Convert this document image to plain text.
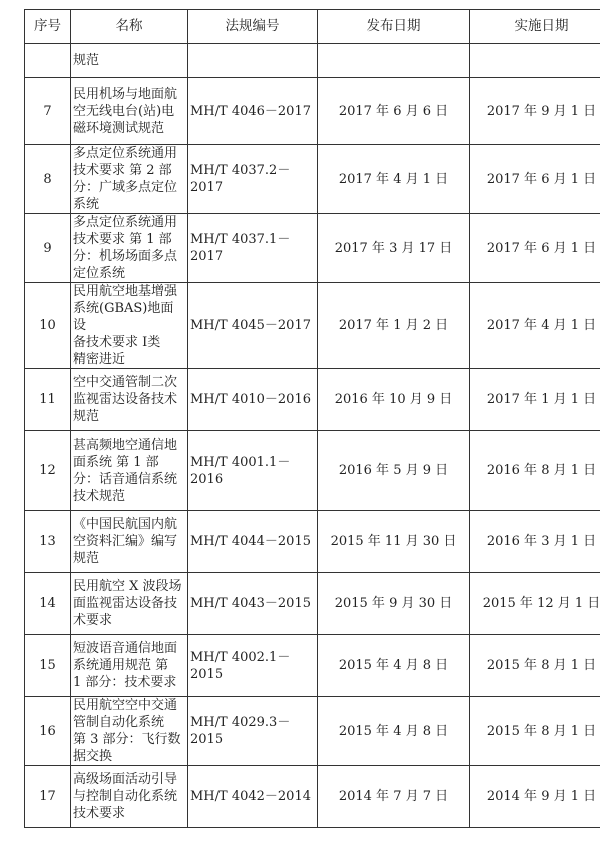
序号	名称	法规编号	发布日期	实施日期

	规范			

7	民用机场与地面航
空无线电台(站)电
磁环境测试规范	MH/T 4046－2017	2017 年 6 月 6 日	2017 年 9 月 1 日
8	多点定位系统通用
技术要求 第 2 部
分：广域多点定位
系统	MH/T 4037.2－2017	2017 年 4 月 1 日	2017 年 6 月 1 日
9	多点定位系统通用
技术要求 第 1 部
分：机场场面多点
定位系统	MH/T 4037.1－2017	2017 年 3 月 17 日	2017 年 6 月 1 日
10	民用航空地基增强
系统(GBAS)地面设
备技术要求 Ⅰ类
精密进近	MH/T 4045－2017	2017 年 1 月 2 日	2017 年 4 月 1 日
11	空中交通管制二次
监视雷达设备技术
规范	MH/T 4010－2016	2016 年 10 月 9 日	2017 年 1 月 1 日
12	甚高频地空通信地
面系统 第 1 部
分：话音通信系统
技术规范	MH/T 4001.1－2016	2016 年 5 月 9 日	2016 年 8 月 1 日
13	《中国民航国内航
空资料汇编》编写
规范	MH/T 4044－2015	2015 年 11 月 30 日	2016 年 3 月 1 日
14	民用航空 X 波段场
面监视雷达设备技
术要求	MH/T 4043－2015	2015 年 9 月 30 日	2015 年 12 月 1 日
15	短波语音通信地面
系统通用规范 第
1 部分：技术要求	MH/T 4002.1－2015	2015 年 4 月 8 日	2015 年 8 月 1 日
16	民用航空空中交通
管制自动化系统
第 3 部分：飞行数
据交换	MH/T 4029.3－2015	2015 年 4 月 8 日	2015 年 8 月 1 日
17	高级场面活动引导
与控制自动化系统
技术要求	MH/T 4042－2014	2014 年 7 月 7 日	2014 年 9 月 1 日
